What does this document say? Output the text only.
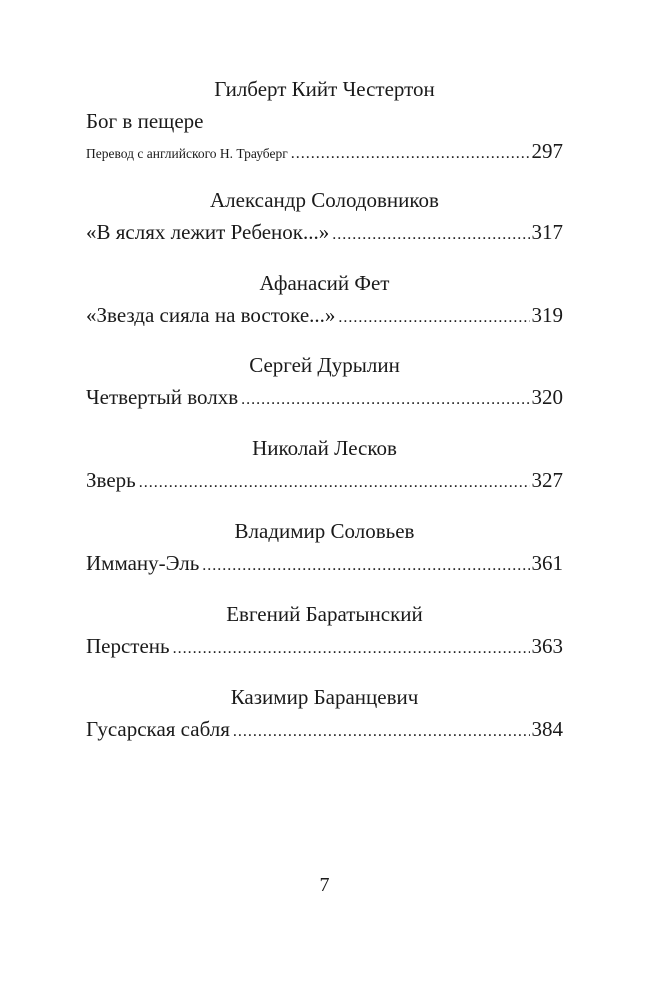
Гилберт Кийт Честертон
Бог в пещере
Перевод с английского Н. Трауберг .....	297
Александр Солодовников
«В яслях лежит Ребенок...» .....	317
Афанасий Фет
«Звезда сияла на востоке...» .....	319
Сергей Дурылин
Четвертый волхв .....	320
Николай Лесков
Зверь .....	327
Владимир Соловьев
Имману-Эль .....	361
Евгений Баратынский
Перстень .....	363
Казимир Баранцевич
Гусарская сабля .....	384
7
